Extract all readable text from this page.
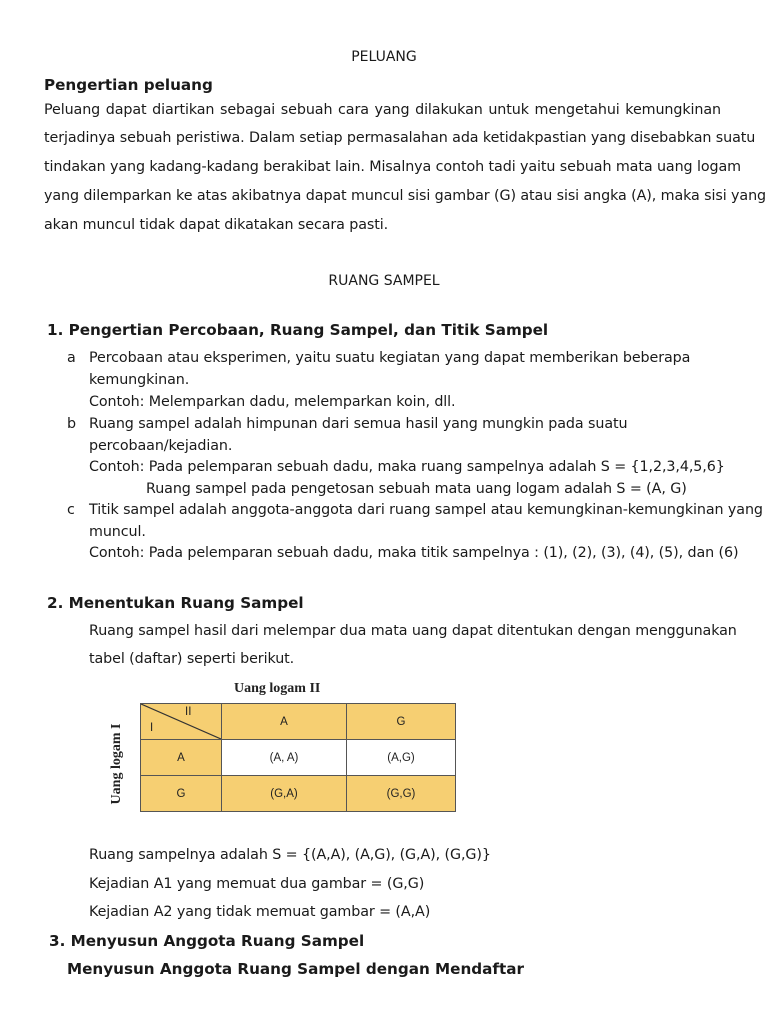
PELUANG
Pengertian peluang
Peluang dapat diartikan sebagai sebuah cara yang dilakukan untuk mengetahui kemungkinan
terjadinya sebuah peristiwa. Dalam setiap permasalahan ada ketidakpastian yang disebabkan suatu
tindakan yang kadang-kadang berakibat lain. Misalnya contoh tadi yaitu sebuah mata uang logam
yang dilemparkan ke atas akibatnya dapat muncul sisi gambar (G) atau sisi angka (A), maka sisi yang
akan muncul tidak dapat dikatakan secara pasti.
RUANG SAMPEL
1. Pengertian Percobaan, Ruang Sampel, dan Titik Sampel
a Percobaan atau eksperimen, yaitu suatu kegiatan yang dapat memberikan beberapa
kemungkinan.
Contoh: Melemparkan dadu, melemparkan koin, dll.
b Ruang sampel adalah himpunan dari semua hasil yang mungkin pada suatu
percobaan/kejadian.
Contoh: Pada pelemparan sebuah dadu, maka ruang sampelnya adalah S = {1,2,3,4,5,6}
Ruang sampel pada pengetosan sebuah mata uang logam adalah S = (A, G)
c Titik sampel adalah anggota-anggota dari ruang sampel atau kemungkinan-kemungkinan yang
muncul.
Contoh: Pada pelemparan sebuah dadu, maka titik sampelnya : (1), (2), (3), (4), (5), dan (6)
2. Menentukan Ruang Sampel
Ruang sampel hasil dari melempar dua mata uang dapat ditentukan dengan menggunakan
tabel (daftar) seperti berikut.
Uang logam II
Uang logam I I
II	A	G
A	(A, A)	(A,G)
G	(G,A)	(G,G)
Ruang sampelnya adalah S = {(A,A), (A,G), (G,A), (G,G)}
Kejadian A1 yang memuat dua gambar = (G,G)
Kejadian A2 yang tidak memuat gambar = (A,A)
3. Menyusun Anggota Ruang Sampel
Menyusun Anggota Ruang Sampel dengan Mendaftar
